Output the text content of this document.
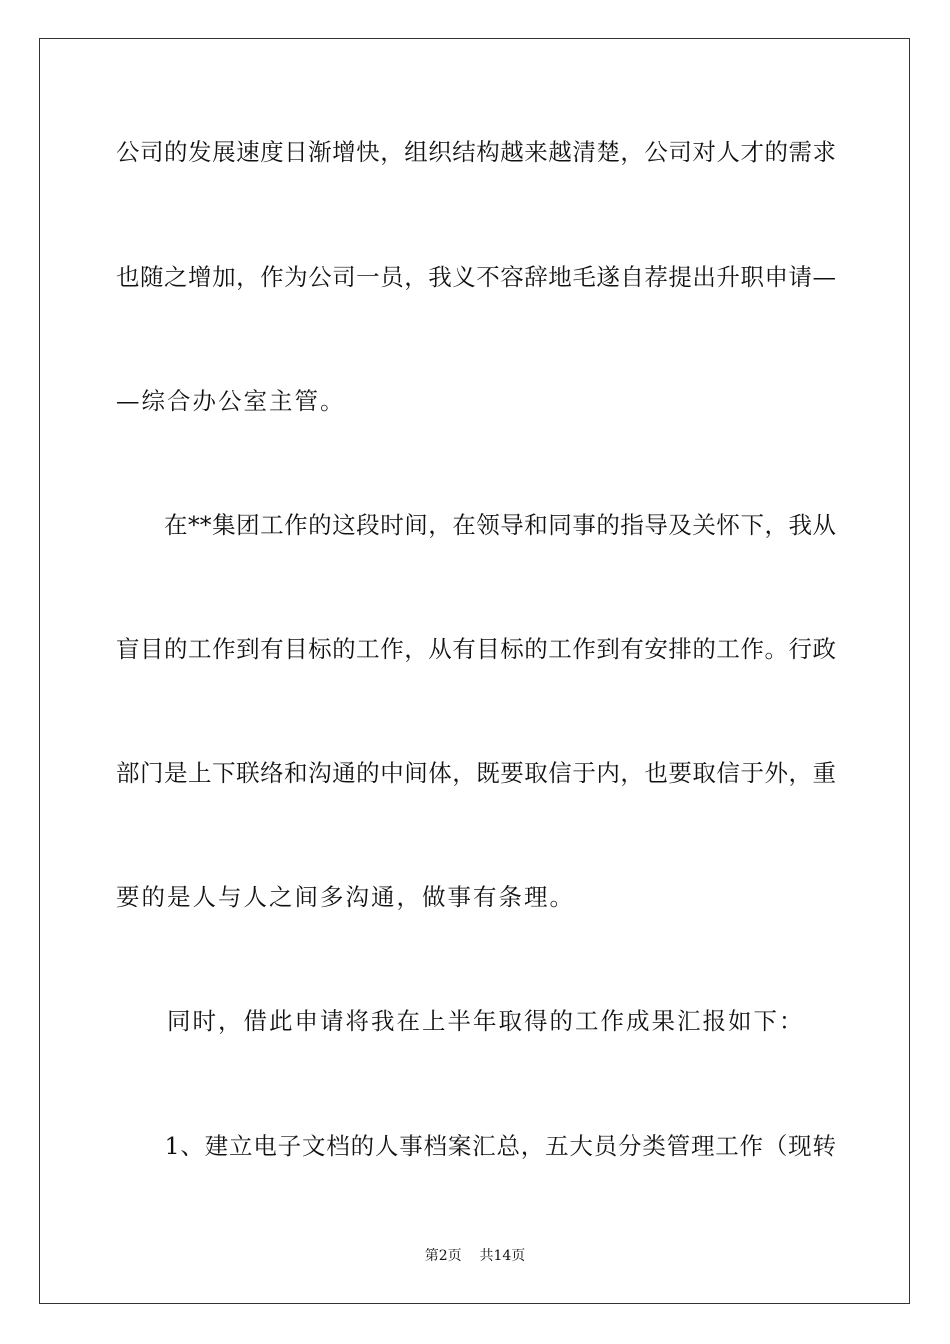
公司的发展速度日渐增快，组织结构越来越清楚，公司对人才的需求
也随之增加，作为公司一员，我义不容辞地毛遂自荐提出升职申请—
—综合办公室主管。
　　在**集团工作的这段时间，在领导和同事的指导及关怀下，我从
盲目的工作到有目标的工作，从有目标的工作到有安排的工作。行政
部门是上下联络和沟通的中间体，既要取信于内，也要取信于外，重
要的是人与人之间多沟通，做事有条理。
　　同时，借此申请将我在上半年取得的工作成果汇报如下：
　　1、建立电子文档的人事档案汇总，五大员分类管理工作（现转
第2页 共14页
